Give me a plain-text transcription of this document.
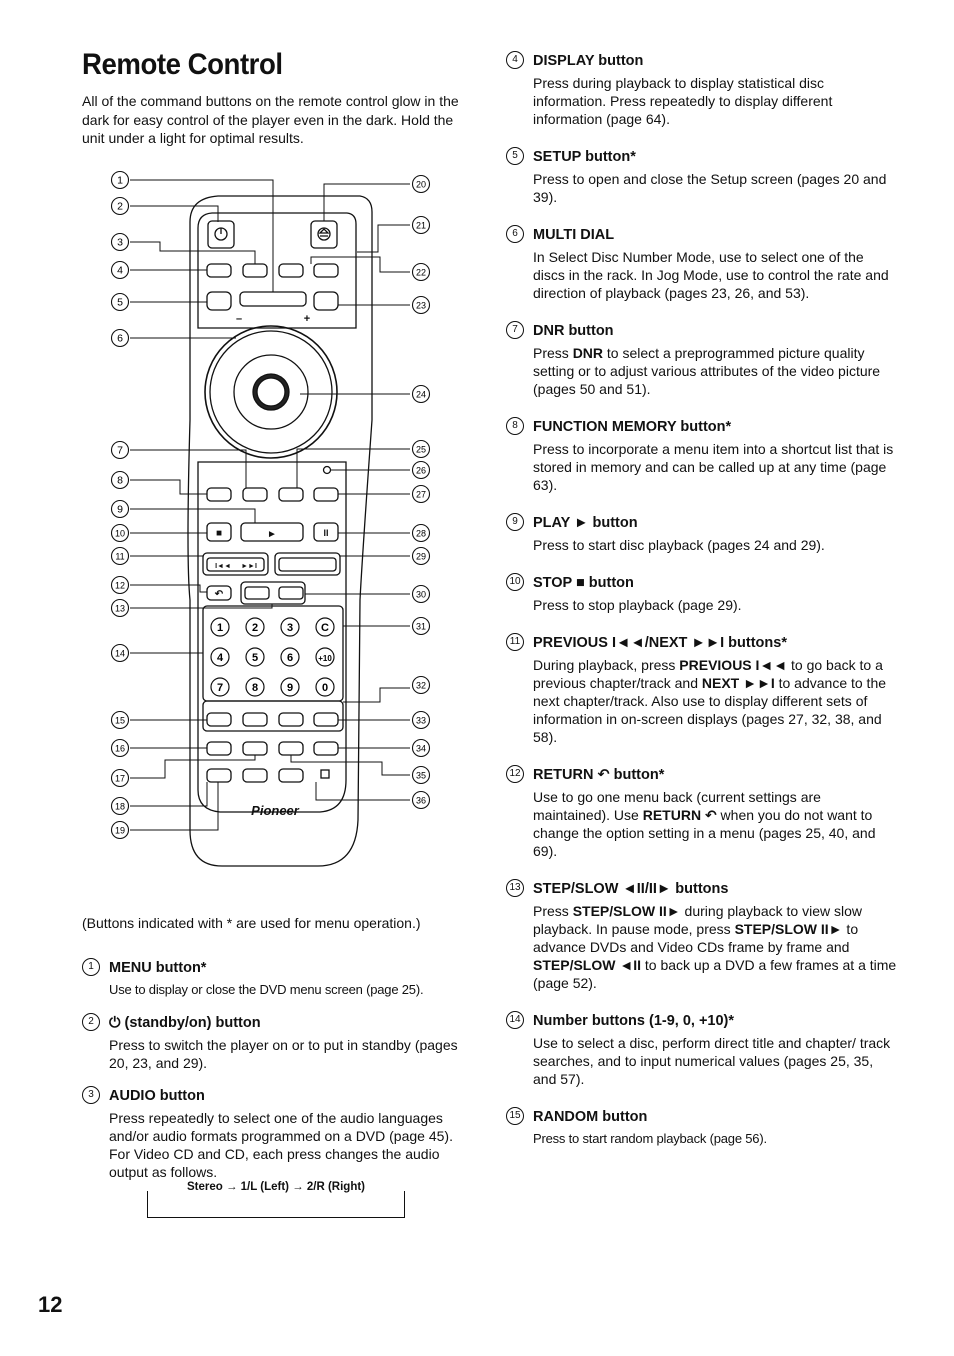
Remote Control
All of the command buttons on the remote control glow in the dark for easy control of the player even in the dark. Hold the unit under a light for optimal results.
–	+
■	►	II
I◄◄ ►►I
↶
Pioneer
1	2	3	C
4	5	6	+10
7	8	9	0
1
2
3
4
5
6
7
8
9
10
11
12
13
14
15
16
17
18
19
20
21
22
23
24
25
26
27
28
29
30
31
32
33
34
35
36
(Buttons indicated with * are used for menu operation.)
1	MENU button*
Use to display or close the DVD menu screen (page 25).
2	⏻ (standby/on) button
Press to switch the player on or to put in standby (pages 20, 23, and 29).
3	AUDIO button
Press repeatedly to select one of the audio languages and/or audio formats programmed on a DVD (page 45).
For Video CD and CD, each press changes the audio output as follows.
Stereo → 1/L (Left) → 2/R (Right)
4	DISPLAY button
Press during playback to display statistical disc information. Press repeatedly to display different information (page 64).
5	SETUP button*
Press to open and close the Setup screen (pages 20 and 39).
6	MULTI DIAL
In Select Disc Number Mode, use to select one of the discs in the rack. In Jog Mode, use to control the rate and direction of playback (pages 23, 26, and 53).
7	DNR button
Press DNR to select a preprogrammed picture quality setting or to adjust various attributes of the video picture (pages 50 and 51).
8	FUNCTION MEMORY button*
Press to incorporate a menu item into a shortcut list that is stored in memory and can be called up at any time (page 63).
9	PLAY ► button
Press to start disc playback (pages 24 and 29).
10 STOP ■ button
Press to stop playback (page 29).
11 PREVIOUS I◄◄/NEXT ►►I buttons*
During playback, press PREVIOUS I◄◄ to go back to a previous chapter/track and NEXT ►►I to advance to the next chapter/track. Also use to display different sets of information in on-screen displays (pages 27, 32, 38, and 58).
12 RETURN ↶ button*
Use to go one menu back (current settings are maintained). Use RETURN ↶ when you do not want to change the option setting in a menu (pages 25, 40, and 69).
13 STEP/SLOW ◄II/II► buttons
Press STEP/SLOW II► during playback to view slow playback. In pause mode, press STEP/SLOW II► to advance DVDs and Video CDs frame by frame and STEP/SLOW ◄II to back up a DVD a few frames at a time (page 52).
14 Number buttons (1-9, 0, +10)*
Use to select a disc, perform direct title and chapter/ track searches, and to input numerical values (pages 25, 35, and 57).
15 RANDOM button
Press to start random playback (page 56).
12
